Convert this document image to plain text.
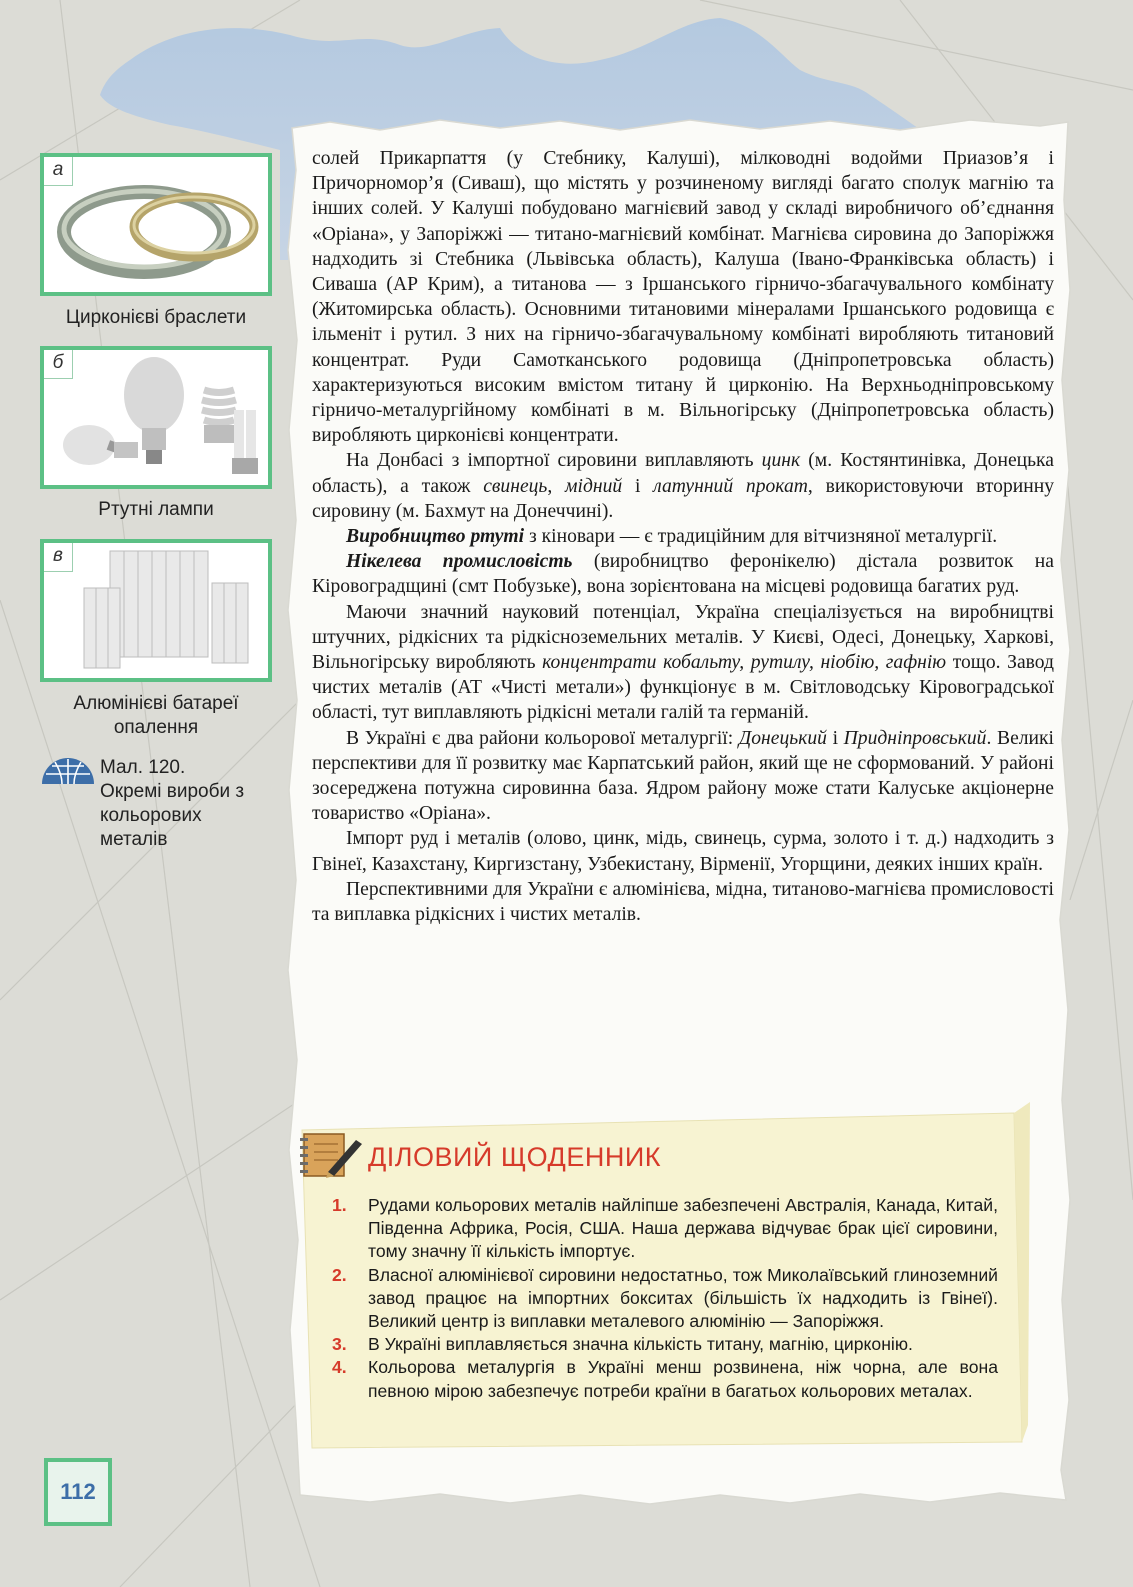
а
Цирконієві браслети
б
Ртутні лампи
в
Алюмінієві батареї опалення
Мал. 120.
Окремі вироби з кольорових металів

солей Прикарпаття (у Стебнику, Калуші), мілководні водойми Приазов’я і Причорномор’я (Сиваш), що містять у розчиненому вигляді багато сполук магнію та інших солей. У Калуші побудовано магнієвий завод у складі виробничого об’єднання «Оріана», у Запоріжжі — титано-магнієвий комбінат. Магнієва сировина до Запоріжжя надходить зі Стебника (Львівська область), Калуша (Івано-Франківська область) і Сиваша (АР Крим), а титанова — з Іршанського гірничо-збагачувального комбінату (Житомирська область). Основними титановими мінералами Іршанського родовища є ільменіт і рутил. З них на гірничо-збагачувальному комбінаті виробляють титановий концентрат. Руди Самотканського родовища (Дніпропетровська область) характеризуються високим вмістом титану й цирконію. На Верхньодніпровському гірничо-металургійному комбінаті в м. Вільногірську (Дніпропетровська область) виробляють цирконієві концентрати.

На Донбасі з імпортної сировини виплавляють цинк (м. Костянтинівка, Донецька область), а також свинець, мідний і латунний прокат, використовуючи вторинну сировину (м. Бахмут на Донеччині).

Виробництво ртуті з кіновари — є традиційним для вітчизняної металургії.

Нікелева промисловість (виробництво феронікелю) дістала розвиток на Кіровоградщині (смт Побузьке), вона зорієнтована на місцеві родовища багатих руд.

Маючи значний науковий потенціал, Україна спеціалізується на виробництві штучних, рідкісних та рідкісноземельних металів. У Києві, Одесі, Донецьку, Харкові, Вільногірську виробляють концентрати кобальту, рутилу, ніобію, гафнію тощо. Завод чистих металів (АТ «Чисті метали») функціонує в м. Світловодську Кіровоградської області, тут виплавляють рідкісні метали галій та германій.

В Україні є два райони кольорової металургії: Донецький і Придніпровський. Великі перспективи для її розвитку має Карпатський район, який ще не сформований. У районі зосереджена потужна сировинна база. Ядром району може стати Калуське акціонерне товариство «Оріана».

Імпорт руд і металів (олово, цинк, мідь, свинець, сурма, золото і т. д.) надходить з Гвінеї, Казахстану, Киргизстану, Узбекистану, Вірменії, Угорщини, деяких інших країн.

Перспективними для України є алюмінієва, мідна, титаново-магнієва промисловості та виплавка рідкісних і чистих металів.

ДІЛОВИЙ ЩОДЕННИК
1. Рудами кольорових металів найліпше забезпечені Австралія, Канада, Китай, Південна Африка, Росія, США. Наша держава відчуває брак цієї сировини, тому значну її кількість імпортує.
2. Власної алюмінієвої сировини недостатньо, тож Миколаївський глиноземний завод працює на імпортних бокситах (більшість їх надходить із Гвінеї). Великий центр із виплавки металевого алюмінію — Запоріжжя.
3. В Україні виплавляється значна кількість титану, магнію, цирконію.
4. Кольорова металургія в Україні менш розвинена, ніж чорна, але вона певною мірою забезпечує потреби країни в багатьох кольорових металах.
112
